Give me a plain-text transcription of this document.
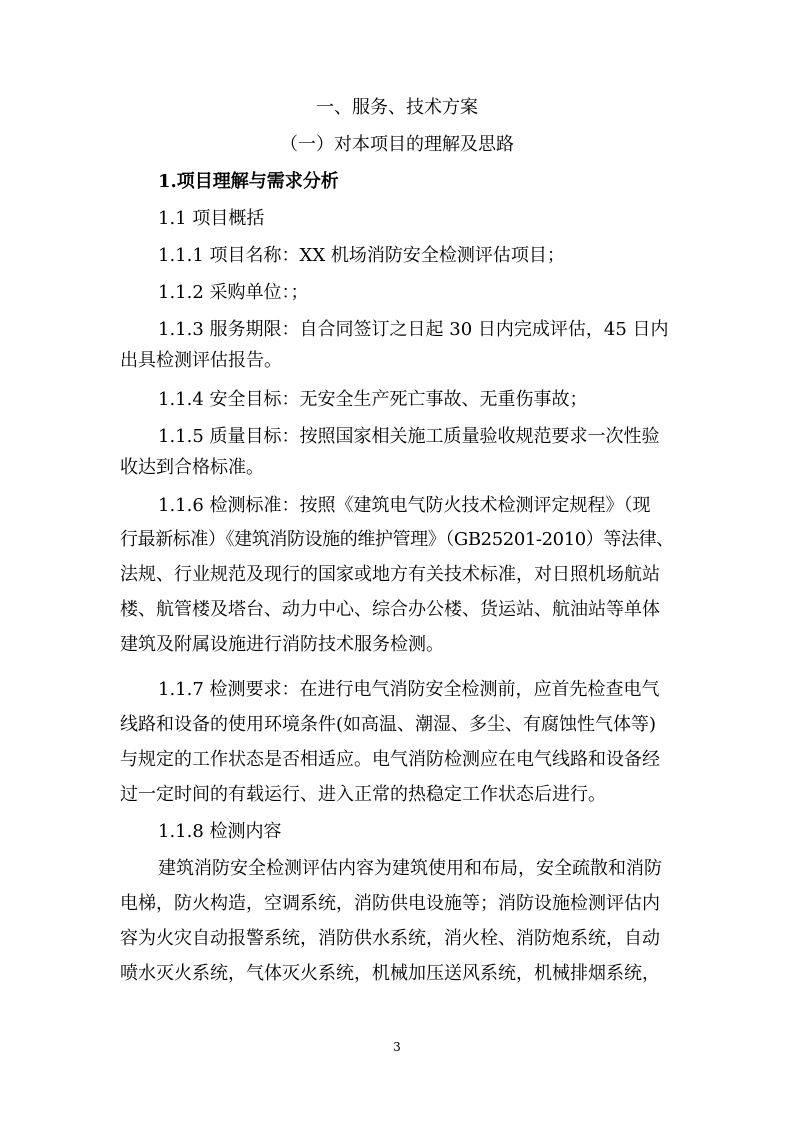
一、服务、技术方案

（一）对本项目的理解及思路

1.项目理解与需求分析

1.1 项目概括

1.1.1 项目名称：XX 机场消防安全检测评估项目；

1.1.2 采购单位：；

1.1.3 服务期限：自合同签订之日起 30 日内完成评估，45 日内

出具检测评估报告。

1.1.4 安全目标：无安全生产死亡事故、无重伤事故；

1.1.5 质量目标：按照国家相关施工质量验收规范要求一次性验

收达到合格标准。

1.1.6 检测标准：按照《建筑电气防火技术检测评定规程》（现

行最新标准）《建筑消防设施的维护管理》（GB25201-2010）等法律、

法规、行业规范及现行的国家或地方有关技术标准，对日照机场航站

楼、航管楼及塔台、动力中心、综合办公楼、货运站、航油站等单体

建筑及附属设施进行消防技术服务检测。

1.1.7 检测要求：在进行电气消防安全检测前，应首先检查电气

线路和设备的使用环境条件(如高温、潮湿、多尘、有腐蚀性气体等)

与规定的工作状态是否相适应。电气消防检测应在电气线路和设备经

过一定时间的有载运行、进入正常的热稳定工作状态后进行。

1.1.8 检测内容

建筑消防安全检测评估内容为建筑使用和布局，安全疏散和消防

电梯，防火构造，空调系统，消防供电设施等；消防设施检测评估内

容为火灾自动报警系统，消防供水系统，消火栓、消防炮系统，自动

喷水灭火系统，气体灭火系统，机械加压送风系统，机械排烟系统，

3
